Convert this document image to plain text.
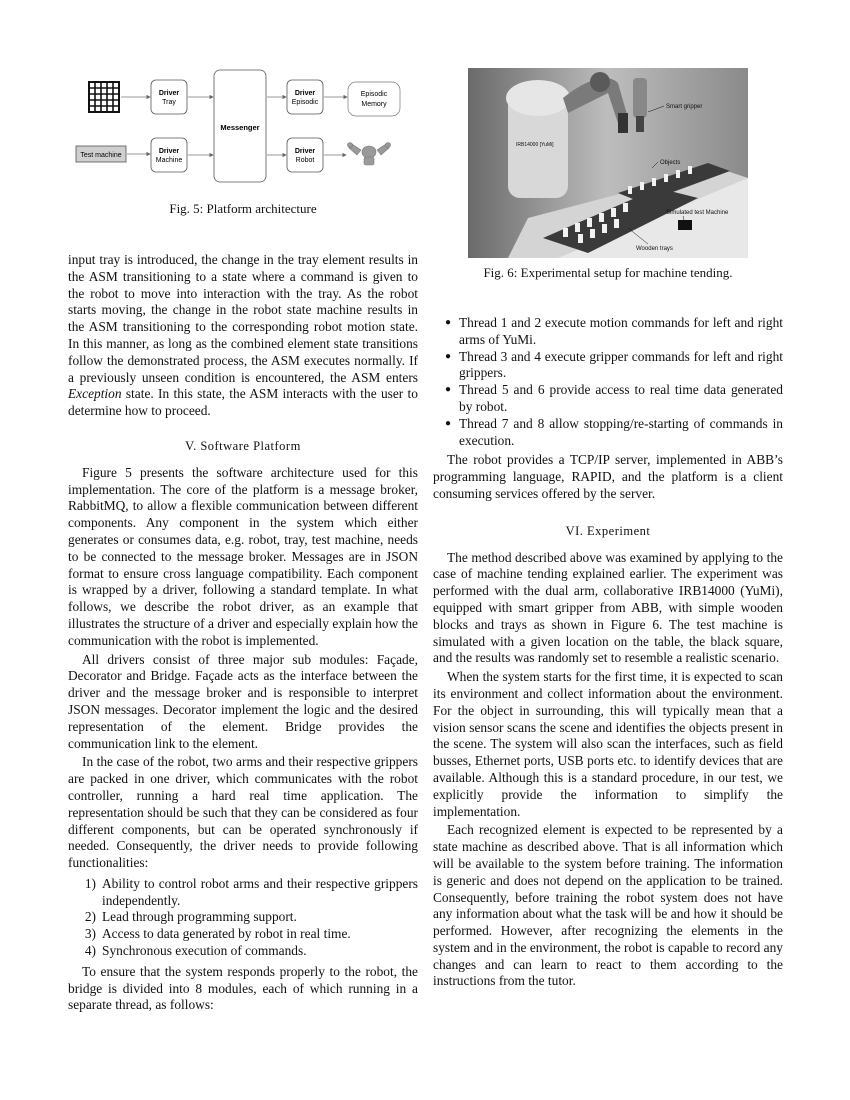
Test machine
Driver
Tray
Driver
Machine
Messenger
Driver
Episodic
Driver
Robot
Episodic
Memory
Fig. 5: Platform architecture

input tray is introduced, the change in the tray element results in the ASM transitioning to a state where a command is given to the robot to move into interaction with the tray. As the robot starts moving, the change in the robot state machine results in the ASM transitioning to the corresponding robot motion state. In this manner, as long as the combined element state transitions follow the demonstrated process, the ASM executes normally. If a previously unseen condition is encountered, the ASM enters Exception state. In this state, the ASM interacts with the user to determine how to proceed.

V. Software Platform

Figure 5 presents the software architecture used for this implementation. The core of the platform is a message broker, RabbitMQ, to allow a flexible communication between different components. Any component in the system which either generates or consumes data, e.g. robot, tray, test machine, needs to be connected to the message broker. Messages are in JSON format to ensure cross language compatibility. Each component is wrapped by a driver, following a standard template. In what follows, we describe the robot driver, as an example that illustrates the structure of a driver and especially explain how the communication with the robot is implemented.

All drivers consist of three major sub modules: Façade, Decorator and Bridge. Façade acts as the interface between the driver and the message broker and is responsible to interpret JSON messages. Decorator implement the logic and the desired representation of the element. Bridge provides the communication link to the element.

In the case of the robot, two arms and their respective grippers are packed in one driver, which communicates with the robot controller, running a hard real time application. The representation should be such that they can be considered as four different components, but can be operated synchronously if needed. Consequently, the driver needs to provide following functionalities:

1) Ability to control robot arms and their respective grippers independently.
2) Lead through programming support.
3) Access to data generated by robot in real time.
4) Synchronous execution of commands.

To ensure that the system responds properly to the robot, the bridge is divided into 8 modules, each of which running in a separate thread, as follows:

Smart gripper
IRB14000 [YuMi]
Objects
Simulated test Machine
Wooden trays
Fig. 6: Experimental setup for machine tending.
● Thread 1 and 2 execute motion commands for left and right arms of YuMi.
● Thread 3 and 4 execute gripper commands for left and right grippers.
● Thread 5 and 6 provide access to real time data generated by robot.
● Thread 7 and 8 allow stopping/re-starting of commands in execution.

The robot provides a TCP/IP server, implemented in ABB’s programming language, RAPID, and the platform is a client consuming services offered by the server.

VI. Experiment

The method described above was examined by applying to the case of machine tending explained earlier. The experiment was performed with the dual arm, collaborative IRB14000 (YuMi), equipped with smart gripper from ABB, with simple wooden blocks and trays as shown in Figure 6. The test machine is simulated with a given location on the table, the black square, and the results was randomly set to resemble a realistic scenario.

When the system starts for the first time, it is expected to scan its environment and collect information about the environment. For the object in surrounding, this will typically mean that a vision sensor scans the scene and identifies the objects present in the scene. The system will also scan the interfaces, such as field busses, Ethernet ports, USB ports etc. to identify devices that are available. Although this is a standard procedure, in our test, we explicitly provide the information to simplify the implementation.

Each recognized element is expected to be represented by a state machine as described above. That is all information which will be available to the system before training. The information is generic and does not depend on the application to be trained. Consequently, before training the robot system does not have any information about what the task will be and how it should be performed. However, after recognizing the elements in the system and in the environment, the robot is capable to record any changes and can learn to react to them according to the instructions from the tutor.
